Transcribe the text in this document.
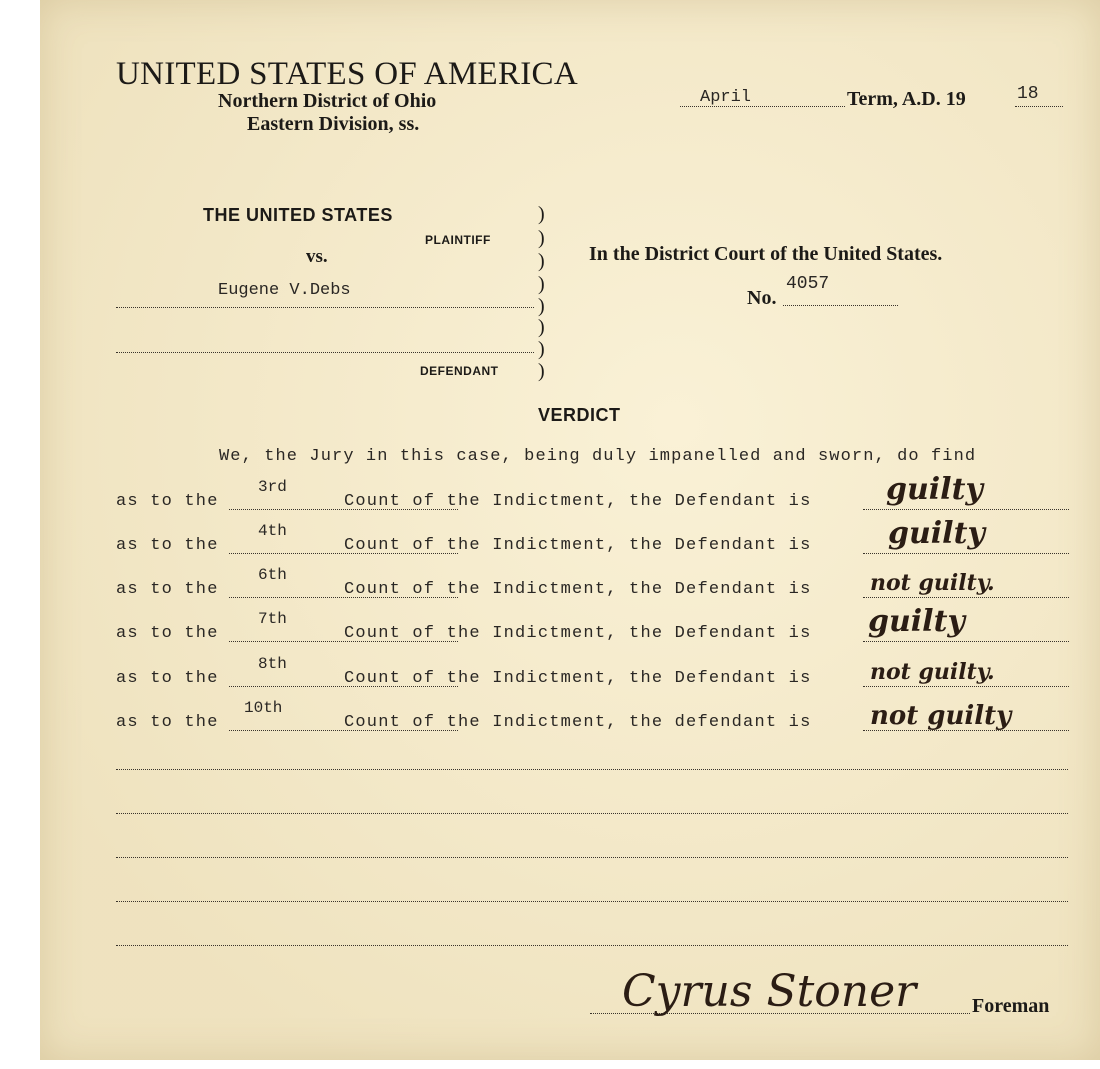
UNITED STATES OF AMERICA
Northern District of Ohio
Eastern Division, ss.
April	Term, A.D. 19	18
THE UNITED STATES
PLAINTIFF
vs.
Eugene V.Debs
DEFENDANT
)
)
)
)
)
)
)
)
In the District Court of the United States.
No.
4057
VERDICT
We, the Jury in this case, being duly impanelled and sworn, do find
as to the
3rd
Count of the Indictment, the Defendant is guilty
as to the
4th
Count of the Indictment, the Defendant is	guilty
as to the
6th
Count of the Indictment, the Defendant is	not guilty.
as to the
7th
Count of the Indictment, the Defendant is guilty
as to the
8th
Count of the Indictment, the Defendant is	not guilty.
as to the
10th
Count of the Indictment, the defendant is not guilty
Cyrus Stoner	Foreman
